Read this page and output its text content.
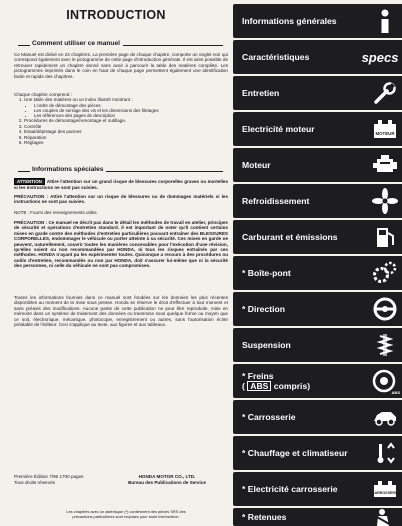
INTRODUCTION
Comment utiliser ce manuel
Ce Manuel est divisé en 24 chapitres. La première page de chaque chapitre, comporte un onglet noir qui correspond également avec le pictogramme de cette page d'introduction générale. Il est ainsi possible de retrouver rapidement un chapitre donné sans avoir à parcourir la table des matières complète. Les pictogrammes imprimés dans le coin en haut de chaque page permettent également une identification facile et rapide des chapitres.
Chaque chapitre comprend :
1. Une table des matières ou un index illustré montrant :
• L'ordre de démontage des pièces
• Les couples de serrage des vis et les dimensions des filetages
• Les références des pages de description
2. Procédures de démontage/remontage et outillage.
3. Contrôle
4. Essai/dépistage des pannes
5. Réparation
6. Réglages
Informations spéciales
ATTENTION Attire l'attention sur un grand risque de blessures corporelles graves ou mortelles si les instructions ne sont pas suivies.
PRÉCAUTION : Attire l'attention sur un risque de blessures ou de dommages matériels si les instructions ne sont pas suivies.
NOTE : Fourni des renseignements utiles.
PRÉCAUTION : Ce manuel ne décrit pas dans le détail les méthodes de travail en atelier, principes de sécurité et opérations d'entretien standard. Il est important de noter qu'il contient certains mises en garde contre des méthodes d'entretien particulières pouvant entraîner des BLESSURES CORPORELLES, endommager le véhicule ou porter atteinte à sa sécurité. Ces mises en garde ne peuvent, naturellement, couvrir toutes les manières concevables pour l'exécution d'une révision, qu'elles soient ou non recommandées par HONDA, ni tous les risques entraînés par ces méthodes. HONDA n'ayant pu les expérimenter toutes. Quiconque a recours à des procédures ou outils d'entretien, recommandés ou non par HONDA, doit s'assurer lui-même que ni la sécurité des personnes, ni celle du véhicule ne sont pas compromises.
Toutes les informations fournies dans ce manuel sont fondées sur les données les plus récentes disponibles au moment de la mise sous presse. Honda se réserve le droit d'effectuer à tout moment et sans préavis des modifications. Aucune partie de cette publication ne peut être reproduite, mise en mémoire dans un système de traitement des données ou transmise sous quelque forme ou moyen que ce soit, électronique, mécanique, photocopie, enregistrement ou autres, sans l'autorisation écrite préalable de l'éditeur. Ceci s'applique au texte, aux figures et aux tableaux.
Première Édition 7/96 1700 pages
Tous droits réservés
HONDA MOTOR CO., LTD.
Bureau des Publications de Service
Les chapitres avec un astérisque (*) contiennent des pièces SRS des précautions particulières sont requises pour toute intervention.
Informations générales
Caractéristiques	specs
Entretien
Electricité moteur	MOTEUR
Moteur
Refroidissement
Carburant et émissions
* Boîte-pont
* Direction
Suspension
* Freins
( ABS compris)
ABS
* Carrosserie
* Chauffage et climatiseur
* Electricité carrosserie	CARROSSERIE
* Retenues
